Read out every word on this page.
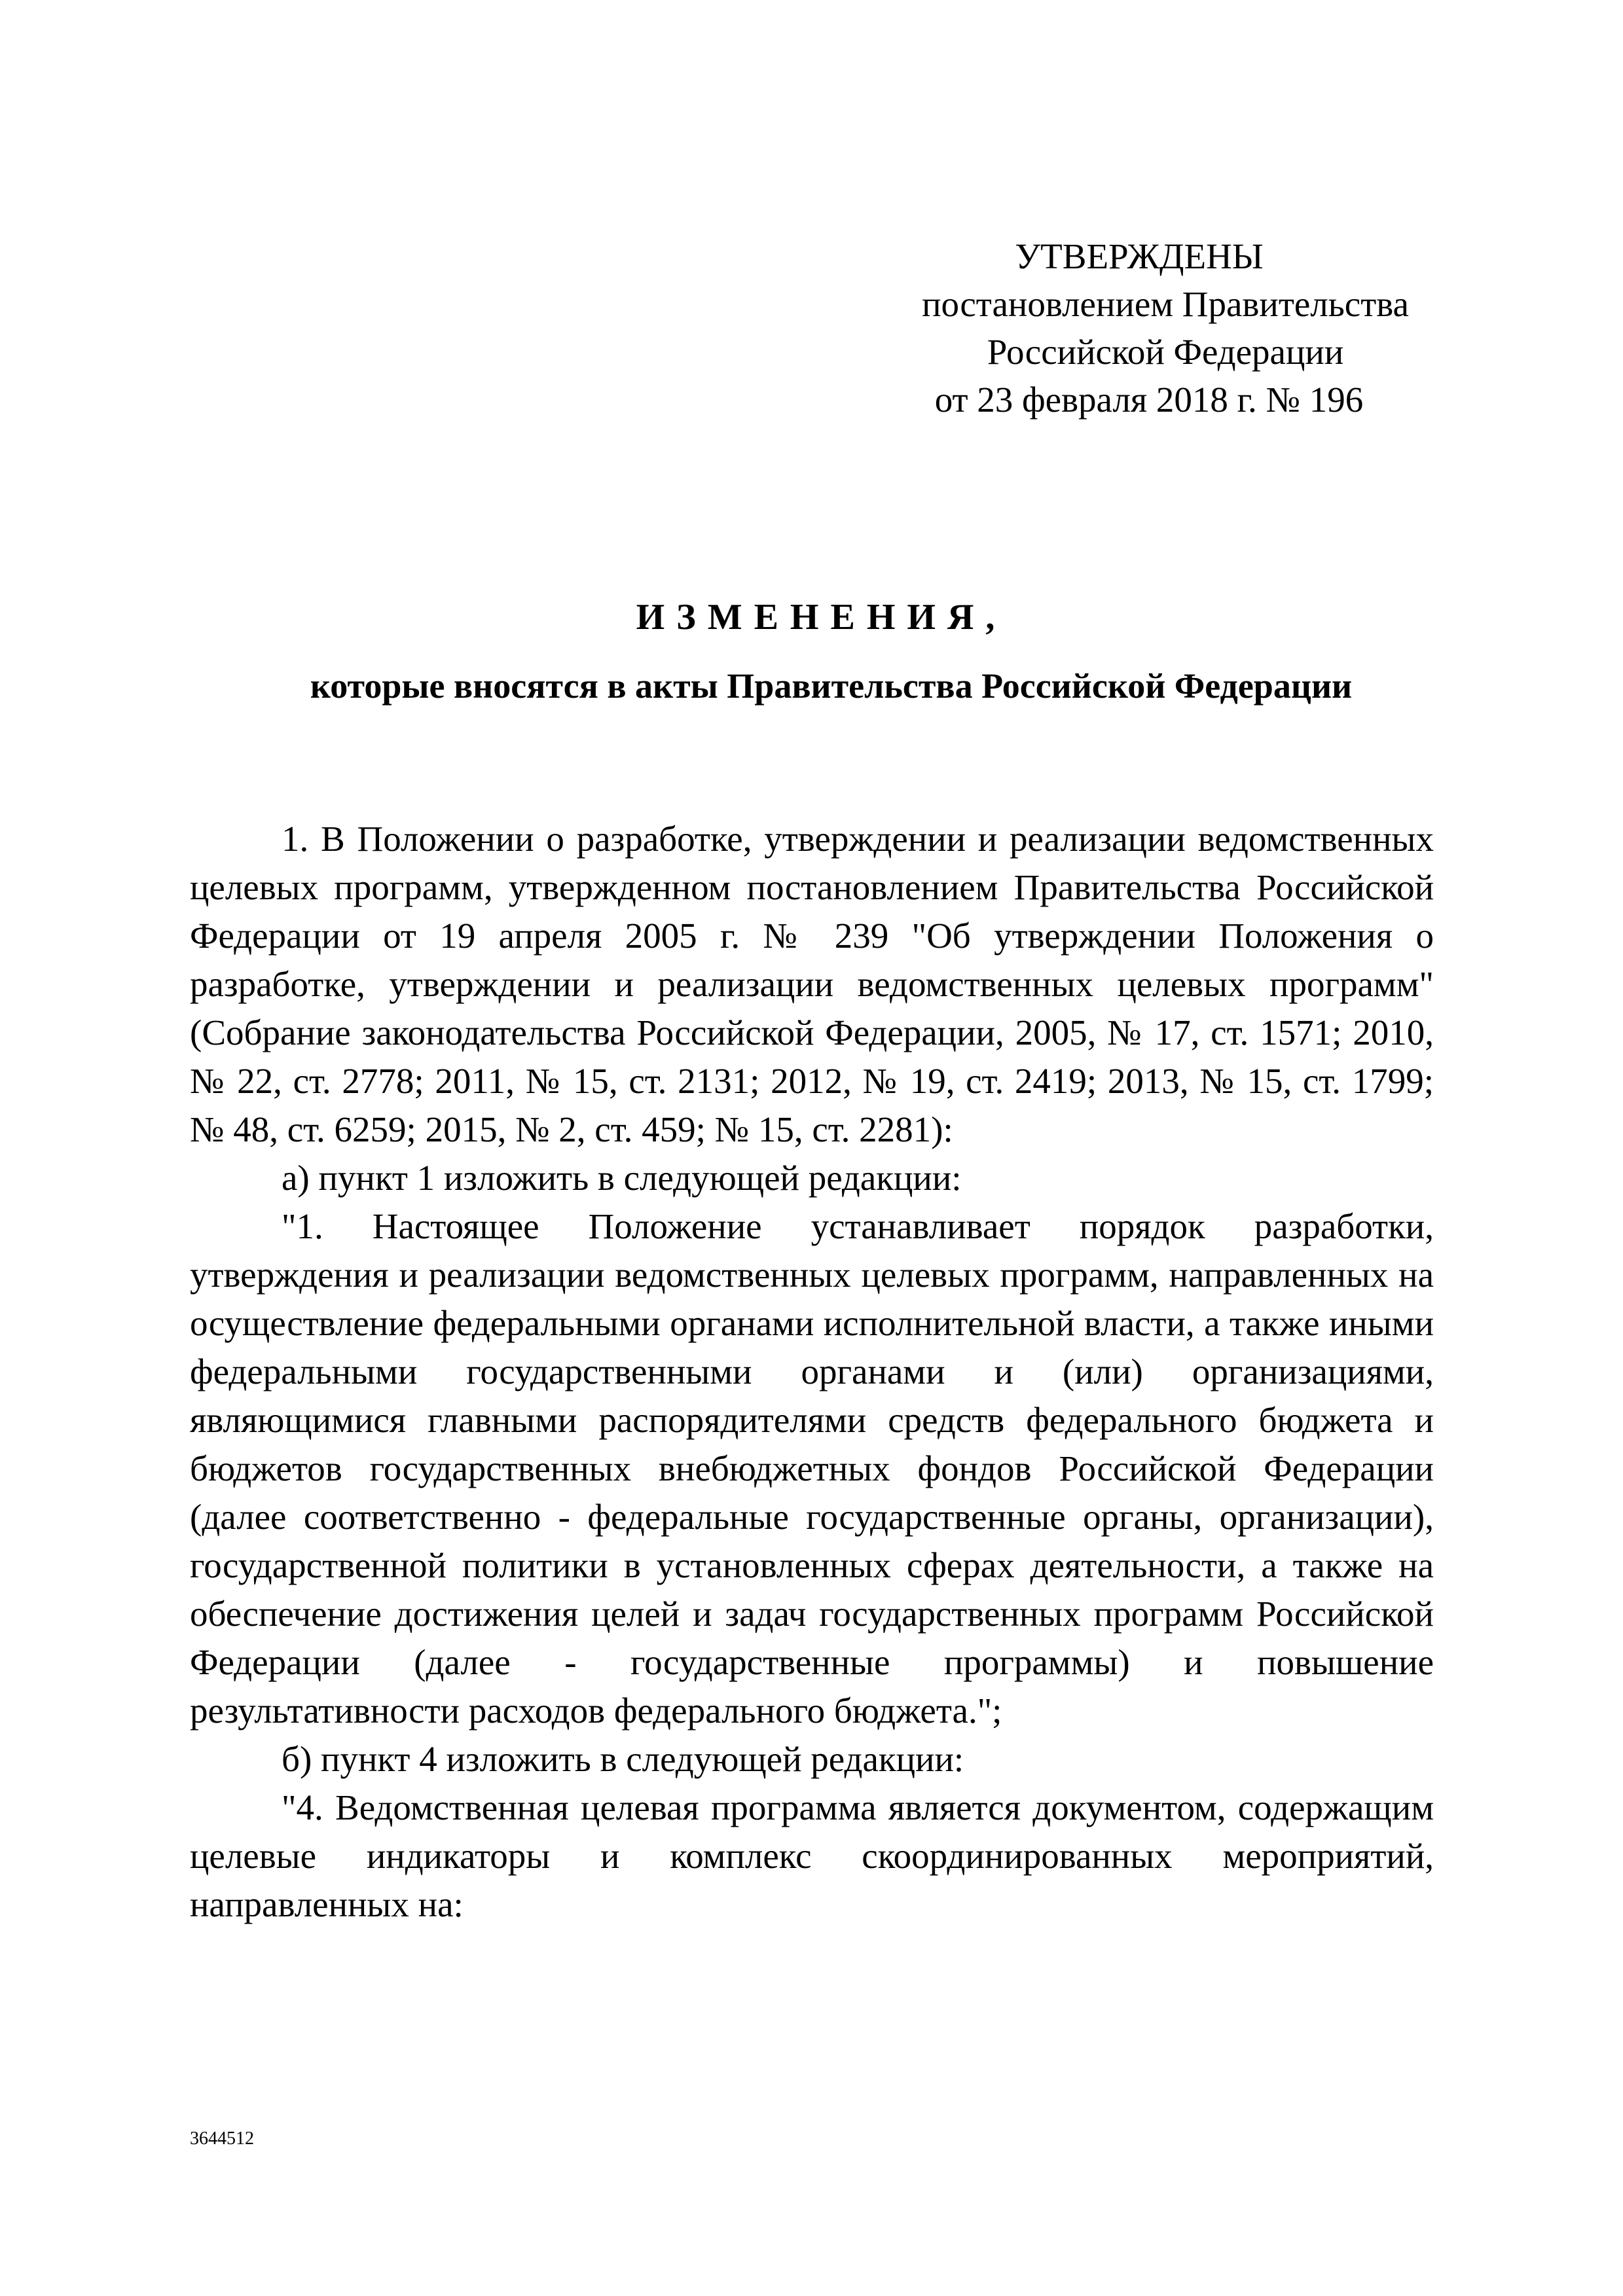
УТВЕРЖДЕНЫ
постановлением Правительства
Российской Федерации
от 23 февраля 2018 г. № 196
ИЗМЕНЕНИЯ,
которые вносятся в акты Правительства Российской Федерации

1. В Положении о разработке, утверждении и реализации ведомственных целевых программ, утвержденном постановлением Правительства Российской Федерации от 19 апреля 2005 г. № 239 "Об утверждении Положения о разработке, утверждении и реализации ведомственных целевых программ" (Собрание законодательства Российской Федерации, 2005, № 17, ст. 1571; 2010, № 22, ст. 2778; 2011, № 15, ст. 2131; 2012, № 19, ст. 2419; 2013, № 15, ст. 1799; № 48, ст. 6259; 2015, № 2, ст. 459; № 15, ст. 2281):

а) пункт 1 изложить в следующей редакции:

"1. Настоящее Положение устанавливает порядок разработки, утверждения и реализации ведомственных целевых программ, направленных на осуществление федеральными органами исполнительной власти, а также иными федеральными государственными органами и (или) организациями, являющимися главными распорядителями средств федерального бюджета и бюджетов государственных внебюджетных фондов Российской Федерации (далее соответственно - федеральные государственные органы, организации), государственной политики в установленных сферах деятельности, а также на обеспечение достижения целей и задач государственных программ Российской Федерации (далее - государственные программы) и повышение результативности расходов федерального бюджета.";

б) пункт 4 изложить в следующей редакции:

"4. Ведомственная целевая программа является документом, содержащим целевые индикаторы и комплекс скоординированных мероприятий, направленных на:

3644512
